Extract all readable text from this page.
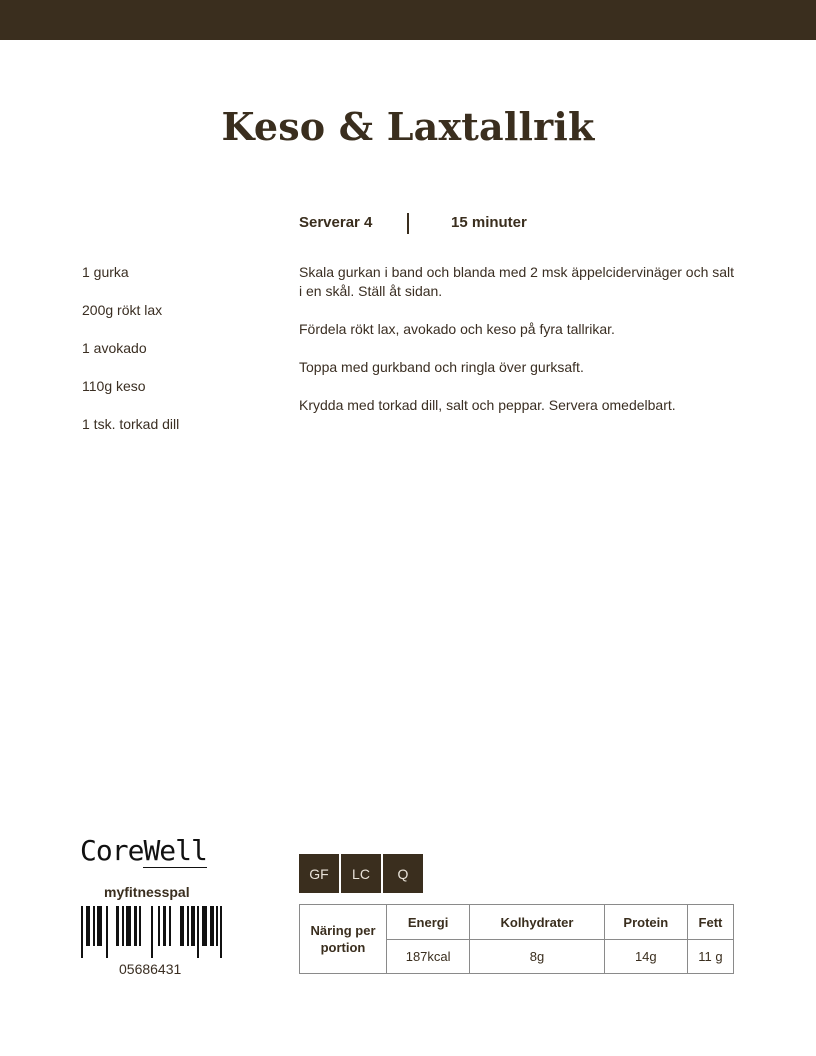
Keso & Laxtallrik
Serverar 4	15 minuter
1 gurka
200g rökt lax
1 avokado
110g keso
1 tsk. torkad dill

Skala gurkan i band och blanda med 2 msk äppelcidervinäger och salt i en skål. Ställ åt sidan.

Fördela rökt lax, avokado och keso på fyra tallrikar.

Toppa med gurkband och ringla över gurksaft.

Krydda med torkad dill, salt och peppar. Servera omedelbart.

CoreWell
myfitnesspal
05686431
GF	LC	Q
Näring per portion	Energi	Kolhydrater	Protein	Fett
	187kcal	8g	14g	11 g
